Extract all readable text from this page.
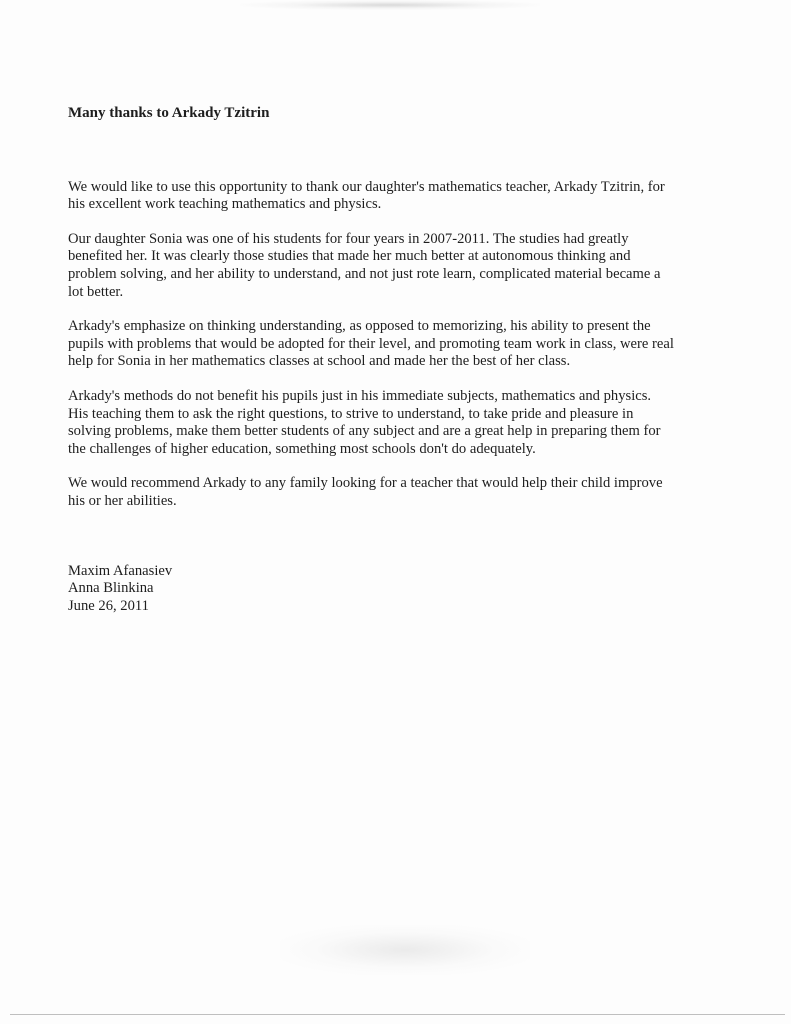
Many thanks to Arkady Tzitrin
We would like to use this opportunity to thank our daughter's mathematics teacher, Arkady Tzitrin, for
his excellent work teaching mathematics and physics.
Our daughter Sonia was one of his students for four years in 2007-2011. The studies had greatly
benefited her. It was clearly those studies that made her much better at autonomous thinking and
problem solving, and her ability to understand, and not just rote learn, complicated material became a
lot better.
Arkady's emphasize on thinking understanding, as opposed to memorizing, his ability to present the
pupils with problems that would be adopted for their level, and promoting team work in class, were real
help for Sonia in her mathematics classes at school and made her the best of her class.
Arkady's methods do not benefit his pupils just in his immediate subjects, mathematics and physics.
His teaching them to ask the right questions, to strive to understand, to take pride and pleasure in
solving problems, make them better students of any subject and are a great help in preparing them for
the challenges of higher education, something most schools don't do adequately.
We would recommend Arkady to any family looking for a teacher that would help their child improve
his or her abilities.
Maxim Afanasiev
Anna Blinkina
June 26, 2011
